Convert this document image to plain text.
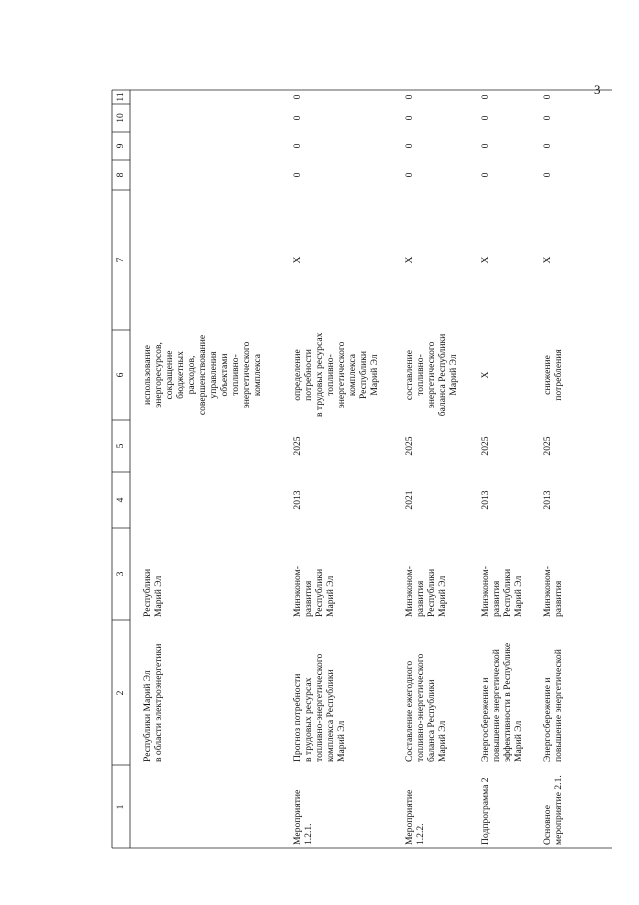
3
1
2
3
4
5
6
7
8
9
10
11
Республики Марий Эл в области электроэнергетики
Республики Марий Эл
использование энергоресурсов, сокращение бюджетных расходов, совершенствование управления объектами топливно- энергетического комплекса
Мероприятие 1.2.1.
Прогноз потребности в трудовых ресурсах топливно-энергетического комплекса Республики Марий Эл
Минэконом- развития Республики Марий Эл
2013
2025
определение потребности в трудовых ресурсах топливно- энергетического комплекса Республики Марий Эл
X
0
0
0
0
Мероприятие 1.2.2.
Составление ежегодного топливно-энергетического баланса Республики Марий Эл
Минэконом- развития Республики Марий Эл
2021
2025
составление топливно- энергетического баланса Республики Марий Эл
X
0
0
0
0
Подпрограмма 2
Энергосбережение и повышение энергетической эффективности в Республике Марий Эл
Минэконом- развития Республики Марий Эл
2013
2025
X
X
0
0
0
0
Основное мероприятие 2.1.
Энергосбережение и повышение энергетической
Минэконом- развития
2013
2025
снижение потребления
X
0
0
0
0
